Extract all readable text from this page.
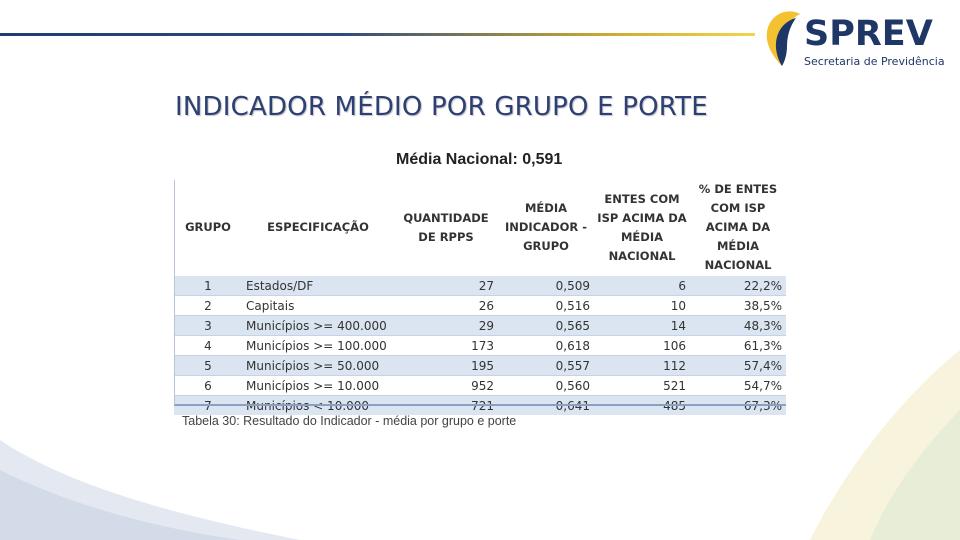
SPREV
Secretaria de Previdência
INDICADOR MÉDIO POR GRUPO E PORTE
Média Nacional: 0,591
GRUPO	ESPECIFICAÇÃO	QUANTIDADE DE RPPS	MÉDIA INDICADOR - GRUPO	ENTES COM ISP ACIMA DA MÉDIA NACIONAL	% DE ENTES COM ISP ACIMA DA MÉDIA NACIONAL
1	Estados/DF	27	0,509	6	22,2%
2	Capitais	26	0,516	10	38,5%
3	Municípios >= 400.000	29	0,565	14	48,3%
4	Municípios >= 100.000	173	0,618	106	61,3%
5	Municípios >= 50.000	195	0,557	112	57,4%
6	Municípios >= 10.000	952	0,560	521	54,7%
7	Municípios < 10.000	721	0,641	485	67,3%
Tabela 30: Resultado do Indicador - média por grupo e porte
